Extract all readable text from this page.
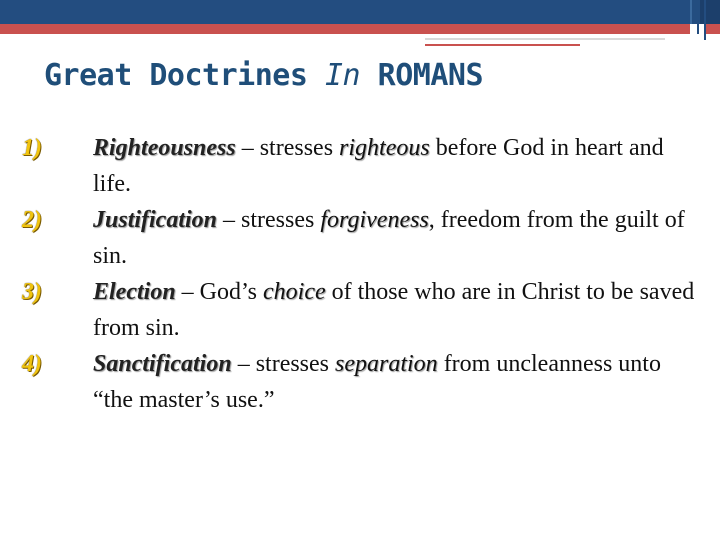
Great Doctrines In ROMANS
1) Righteousness – stresses righteous before God in heart and life.
2) Justification – stresses forgiveness, freedom from the guilt of sin.
3) Election – God’s choice of those who are in Christ to be saved from sin.
4) Sanctification – stresses separation from uncleanness unto “the master’s use.”
